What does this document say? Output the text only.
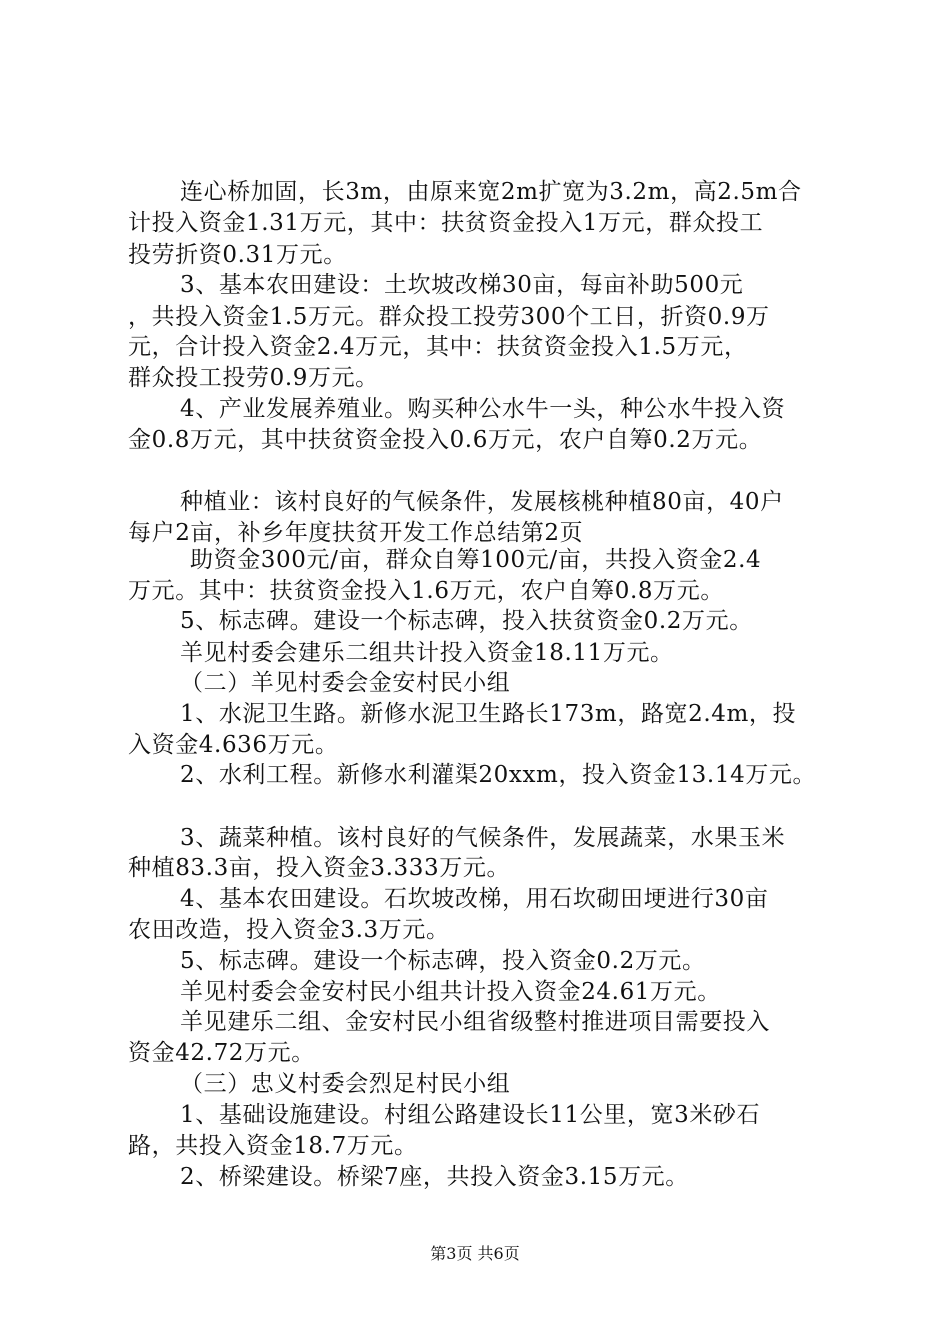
连心桥加固，长3m，由原来宽2m扩宽为3.2m，高2.5m合
计投入资金1.31万元，其中：扶贫资金投入1万元，群众投工
投劳折资0.31万元。
3、基本农田建设：土坎坡改梯30亩，每亩补助500元
，共投入资金1.5万元。群众投工投劳300个工日，折资0.9万
元，合计投入资金2.4万元，其中：扶贫资金投入1.5万元，
群众投工投劳0.9万元。
4、产业发展养殖业。购买种公水牛一头，种公水牛投入资
金0.8万元，其中扶贫资金投入0.6万元，农户自筹0.2万元。
种植业：该村良好的气候条件，发展核桃种植80亩，40户
每户2亩，补乡年度扶贫开发工作总结第2页
助资金300元/亩，群众自筹100元/亩，共投入资金2.4
万元。其中：扶贫资金投入1.6万元，农户自筹0.8万元。
5、标志碑。建设一个标志碑，投入扶贫资金0.2万元。
羊见村委会建乐二组共计投入资金18.11万元。
（二）羊见村委会金安村民小组
1、水泥卫生路。新修水泥卫生路长173m，路宽2.4m，投
入资金4.636万元。
2、水利工程。新修水利灌渠20xxm，投入资金13.14万元。
3、蔬菜种植。该村良好的气候条件，发展蔬菜，水果玉米
种植83.3亩，投入资金3.333万元。
4、基本农田建设。石坎坡改梯，用石坎砌田埂进行30亩
农田改造，投入资金3.3万元。
5、标志碑。建设一个标志碑，投入资金0.2万元。
羊见村委会金安村民小组共计投入资金24.61万元。
羊见建乐二组、金安村民小组省级整村推进项目需要投入
资金42.72万元。
（三）忠义村委会烈足村民小组
1、基础设施建设。村组公路建设长11公里，宽3米砂石
路，共投入资金18.7万元。
2、桥梁建设。桥梁7座，共投入资金3.15万元。
第3页 共6页
